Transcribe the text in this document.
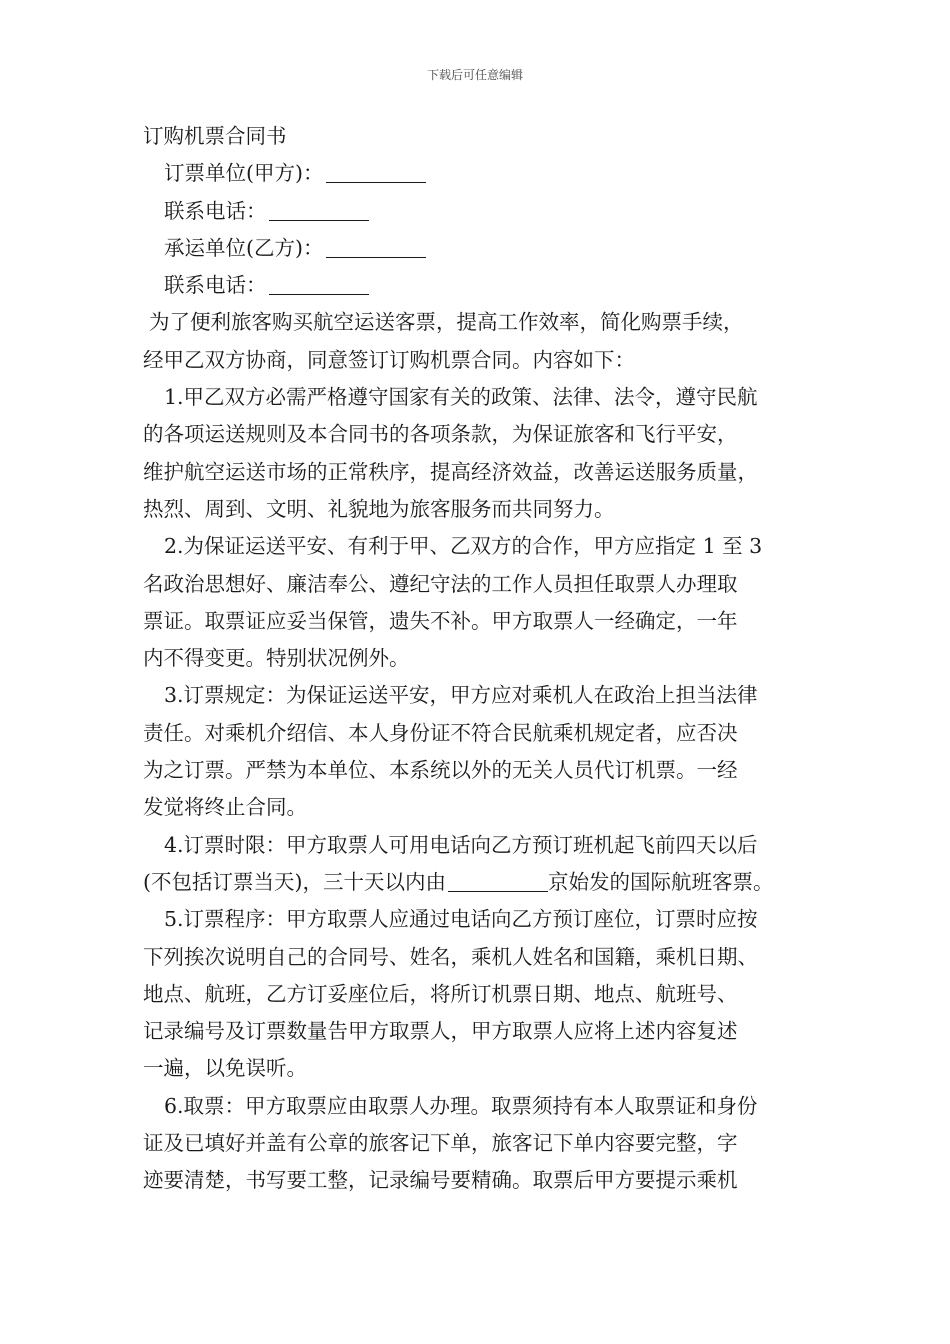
下载后可任意编辑
订购机票合同书
订票单位(甲方)：
联系电话：
承运单位(乙方)：
联系电话：
为了便利旅客购买航空运送客票，提高工作效率，简化购票手续，
经甲乙双方协商，同意签订订购机票合同。内容如下：
1.甲乙双方必需严格遵守国家有关的政策、法律、法令，遵守民航
的各项运送规则及本合同书的各项条款，为保证旅客和飞行平安，
维护航空运送市场的正常秩序，提高经济效益，改善运送服务质量，
热烈、周到、文明、礼貌地为旅客服务而共同努力。
2.为保证运送平安、有利于甲、乙双方的合作，甲方应指定 1 至 3
名政治思想好、廉洁奉公、遵纪守法的工作人员担任取票人办理取
票证。取票证应妥当保管，遗失不补。甲方取票人一经确定，一年
内不得变更。特别状况例外。
3.订票规定：为保证运送平安，甲方应对乘机人在政治上担当法律
责任。对乘机介绍信、本人身份证不符合民航乘机规定者，应否决
为之订票。严禁为本单位、本系统以外的无关人员代订机票。一经
发觉将终止合同。
4.订票时限：甲方取票人可用电话向乙方预订班机起飞前四天以后
(不包括订票当天)，三十天以内由	京始发的国际航班客票。
5.订票程序：甲方取票人应通过电话向乙方预订座位，订票时应按
下列挨次说明自己的合同号、姓名，乘机人姓名和国籍，乘机日期、
地点、航班，乙方订妥座位后，将所订机票日期、地点、航班号、
记录编号及订票数量告甲方取票人，甲方取票人应将上述内容复述
一遍，以免误听。
6.取票：甲方取票应由取票人办理。取票须持有本人取票证和身份
证及已填好并盖有公章的旅客记下单，旅客记下单内容要完整，字
迹要清楚，书写要工整，记录编号要精确。取票后甲方要提示乘机
